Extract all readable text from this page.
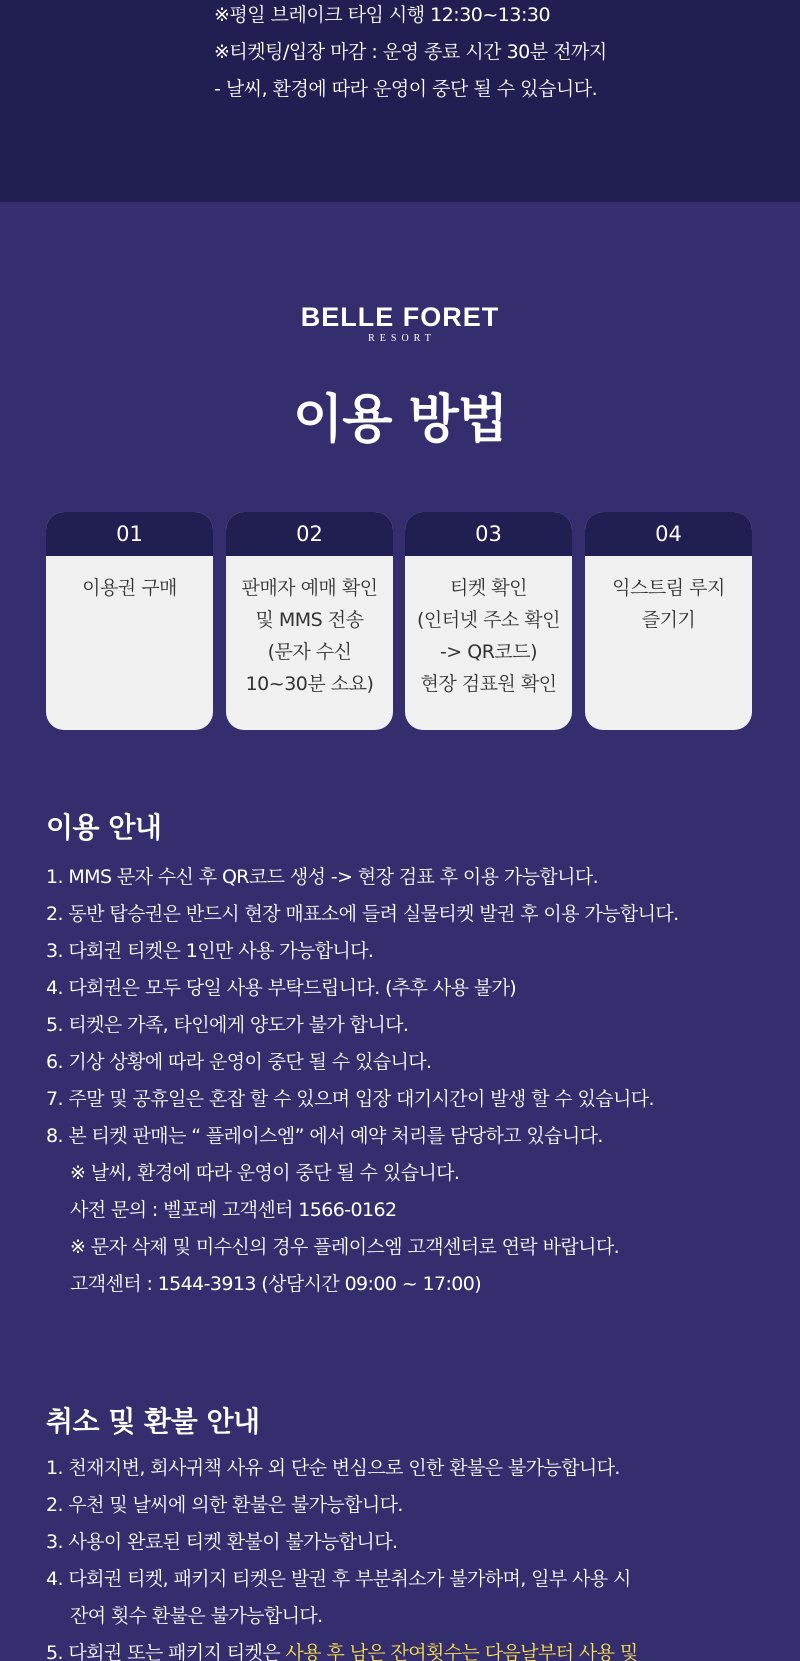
※평일 브레이크 타임 시행 12:30~13:30
※티켓팅/입장 마감 : 운영 종료 시간 30분 전까지
- 날씨, 환경에 따라 운영이 중단 될 수 있습니다.
BELLE FORET
RESORT
이용 방법
01
이용권 구매
02
판매자 예매 확인
및 MMS 전송
(문자 수신
10~30분 소요)
03
티켓 확인
(인터넷 주소 확인
-> QR코드)
현장 검표원 확인
04
익스트림 루지
즐기기
이용 안내
1. MMS 문자 수신 후 QR코드 생성 -> 현장 검표 후 이용 가능합니다.
2. 동반 탑승권은 반드시 현장 매표소에 들려 실물티켓 발권 후 이용 가능합니다.
3. 다회권 티켓은 1인만 사용 가능합니다.
4. 다회권은 모두 당일 사용 부탁드립니다. (추후 사용 불가)
5. 티켓은 가족, 타인에게 양도가 불가 합니다.
6. 기상 상황에 따라 운영이 중단 될 수 있습니다.
7. 주말 및 공휴일은 혼잡 할 수 있으며 입장 대기시간이 발생 할 수 있습니다.
8. 본 티켓 판매는 “ 플레이스엠” 에서 예약 처리를 담당하고 있습니다.
※ 날씨, 환경에 따라 운영이 중단 될 수 있습니다.
사전 문의 : 벨포레 고객센터 1566-0162
※ 문자 삭제 및 미수신의 경우 플레이스엠 고객센터로 연락 바랍니다.
고객센터 : 1544-3913 (상담시간 09:00 ~ 17:00)
취소 및 환불 안내
1. 천재지변, 회사귀책 사유 외 단순 변심으로 인한 환불은 불가능합니다.
2. 우천 및 날씨에 의한 환불은 불가능합니다.
3. 사용이 완료된 티켓 환불이 불가능합니다.
4. 다회권 티켓, 패키지 티켓은 발권 후 부분취소가 불가하며, 일부 사용 시
잔여 횟수 환불은 불가능합니다.
5. 다회권 또는 패키지 티켓은 사용 후 남은 잔여횟수는 다음날부터 사용 및
